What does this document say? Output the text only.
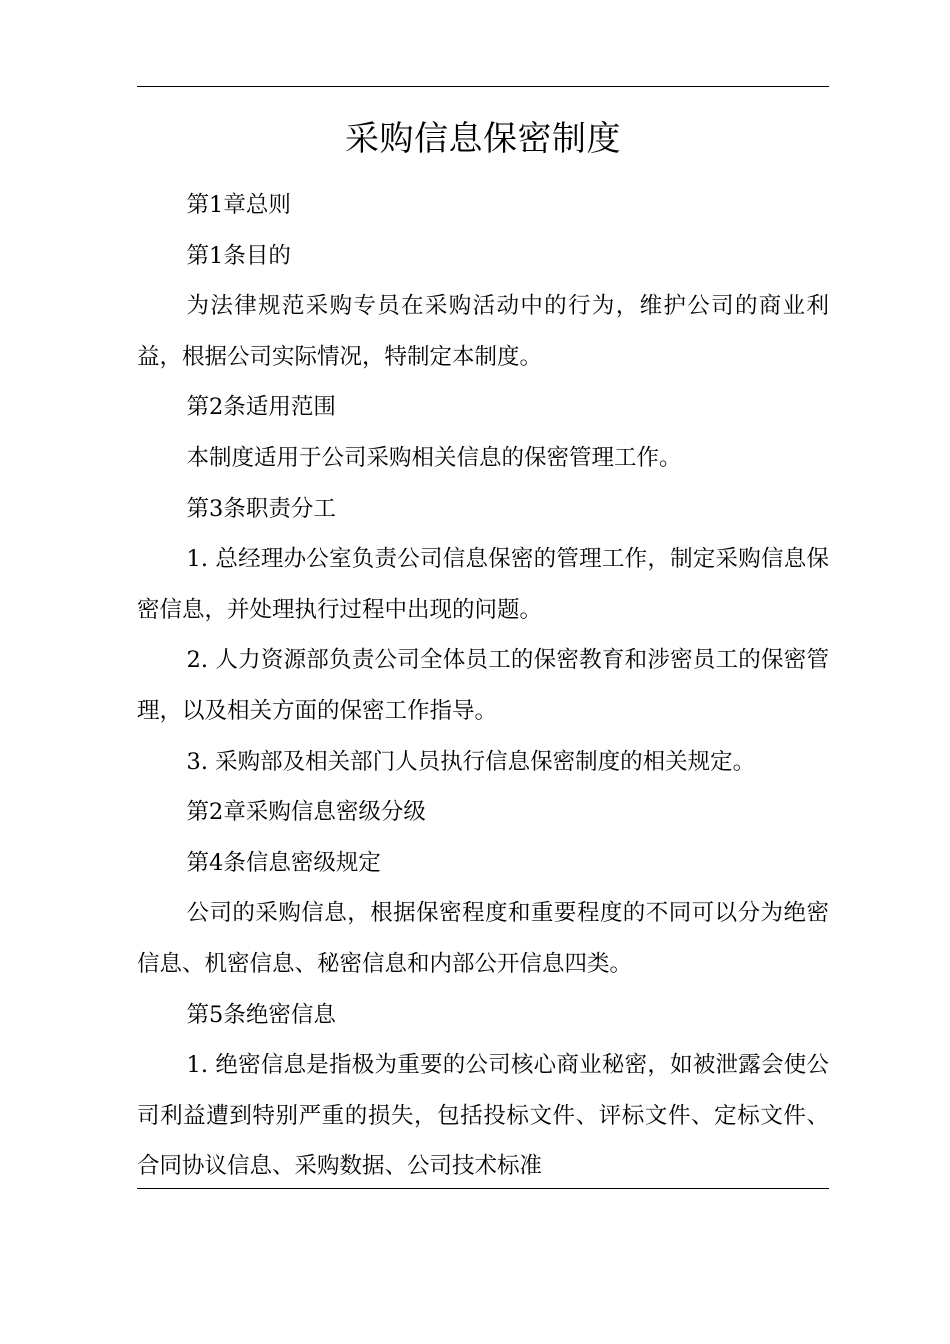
采购信息保密制度

第1章总则

第1条目的

为法律规范采购专员在采购活动中的行为，维护公司的商业利益，根据公司实际情况，特制定本制度。

第2条适用范围

本制度适用于公司采购相关信息的保密管理工作。

第3条职责分工

1. 总经理办公室负责公司信息保密的管理工作，制定采购信息保密信息，并处理执行过程中出现的问题。

2. 人力资源部负责公司全体员工的保密教育和涉密员工的保密管理，以及相关方面的保密工作指导。

3. 采购部及相关部门人员执行信息保密制度的相关规定。

第2章采购信息密级分级

第4条信息密级规定

公司的采购信息，根据保密程度和重要程度的不同可以分为绝密信息、机密信息、秘密信息和内部公开信息四类。

第5条绝密信息

1. 绝密信息是指极为重要的公司核心商业秘密，如被泄露会使公司利益遭到特别严重的损失，包括投标文件、评标文件、定标文件、合同协议信息、采购数据、公司技术标准
